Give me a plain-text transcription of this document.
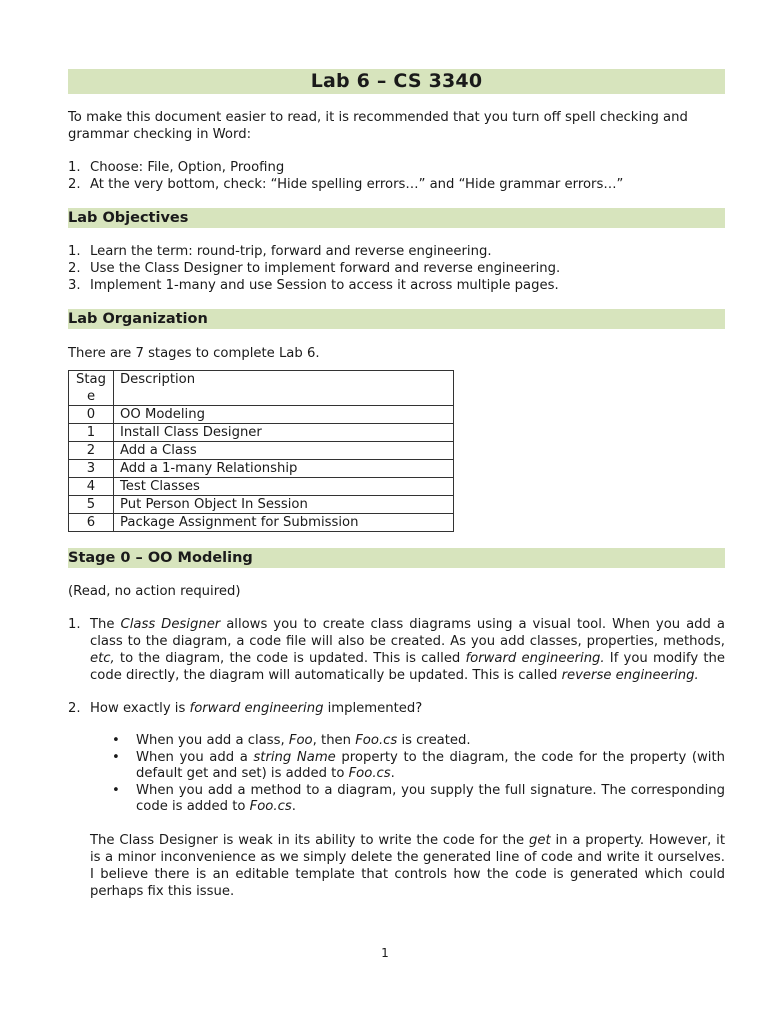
Lab 6 – CS 3340

To make this document easier to read, it is recommended that you turn off spell checking and grammar checking in Word:

1. Choose: File, Option, Proofing
2. At the very bottom, check: “Hide spelling errors…” and “Hide grammar errors…”
Lab Objectives
1. Learn the term: round-trip, forward and reverse engineering.
2. Use the Class Designer to implement forward and reverse engineering.
3. Implement 1-many and use Session to access it across multiple pages.
Lab Organization

There are 7 stages to complete Lab 6.

Stag e	Description
0	OO Modeling
1	Install Class Designer
2	Add a Class
3	Add a 1-many Relationship
4	Test Classes
5	Put Person Object In Session
6	Package Assignment for Submission
Stage 0 – OO Modeling

(Read, no action required)

1. The Class Designer allows you to create class diagrams using a visual tool. When you add a class to the diagram, a code file will also be created. As you add classes, properties, methods, etc, to the diagram, the code is updated. This is called forward engineering. If you modify the code directly, the diagram will automatically be updated. This is called reverse engineering.
2. How exactly is forward engineering implemented?
• When you add a class, Foo, then Foo.cs is created.
• When you add a string Name property to the diagram, the code for the property (with default get and set) is added to Foo.cs.
• When you add a method to a diagram, you supply the full signature. The corresponding code is added to Foo.cs.

The Class Designer is weak in its ability to write the code for the get in a property. However, it is a minor inconvenience as we simply delete the generated line of code and write it ourselves. I believe there is an editable template that controls how the code is generated which could perhaps fix this issue.

1
